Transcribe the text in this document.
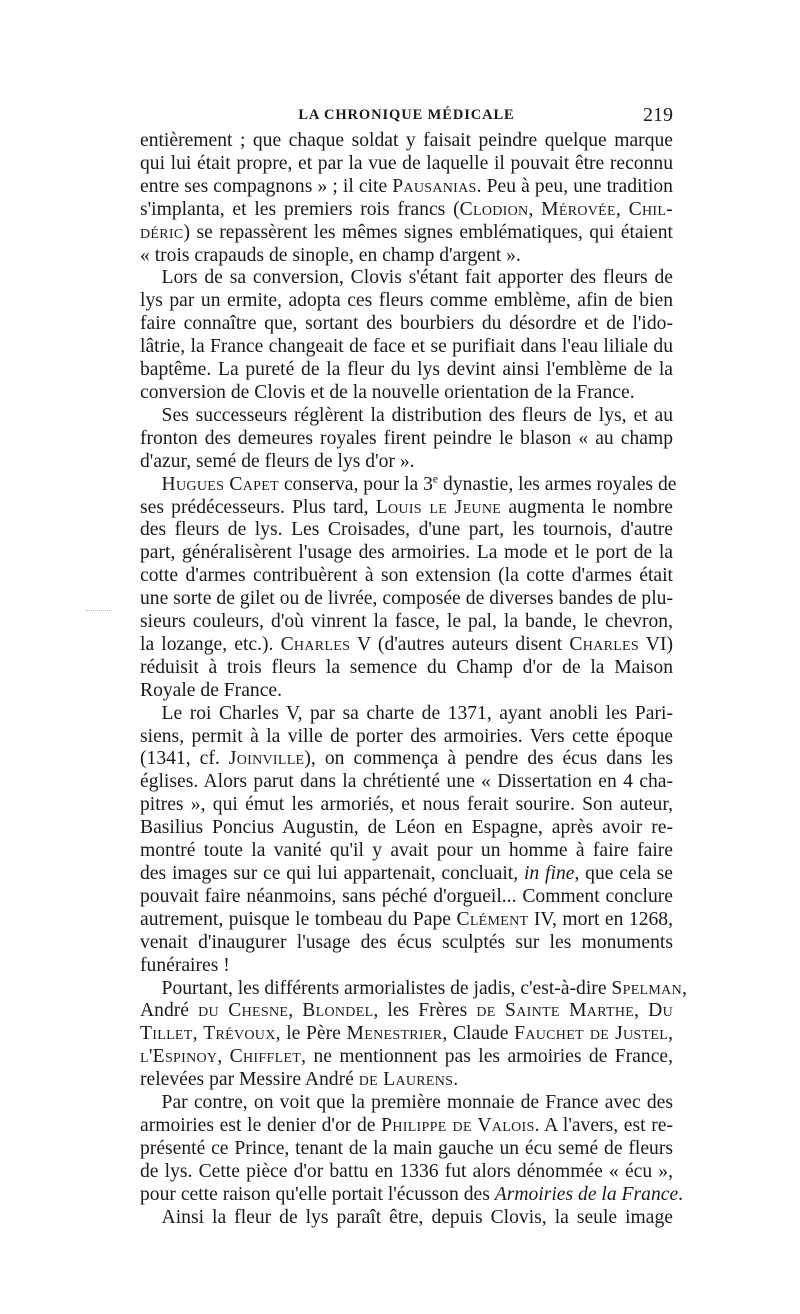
LA CHRONIQUE MÉDICALE	219
entièrement ; que chaque soldat y faisait peindre quelque marque
qui lui était propre, et par la vue de laquelle il pouvait être reconnu
entre ses compagnons » ; il cite Pausanias. Peu à peu, une tradition
s'implanta, et les premiers rois francs (Clodion, Mérovée, Chil-
déric) se repassèrent les mêmes signes emblématiques, qui étaient
« trois crapauds de sinople, en champ d'argent ».
Lors de sa conversion, Clovis s'étant fait apporter des fleurs de
lys par un ermite, adopta ces fleurs comme emblème, afin de bien
faire connaître que, sortant des bourbiers du désordre et de l'ido-
lâtrie, la France changeait de face et se purifiait dans l'eau liliale du
baptême. La pureté de la fleur du lys devint ainsi l'emblème de la
conversion de Clovis et de la nouvelle orientation de la France.
Ses successeurs réglèrent la distribution des fleurs de lys, et au
fronton des demeures royales firent peindre le blason « au champ
d'azur, semé de fleurs de lys d'or ».
Hugues Capet conserva, pour la 3e dynastie, les armes royales de
ses prédécesseurs. Plus tard, Louis le Jeune augmenta le nombre
des fleurs de lys. Les Croisades, d'une part, les tournois, d'autre
part, généralisèrent l'usage des armoiries. La mode et le port de la
cotte d'armes contribuèrent à son extension (la cotte d'armes était
une sorte de gilet ou de livrée, composée de diverses bandes de plu-
sieurs couleurs, d'où vinrent la fasce, le pal, la bande, le chevron,
la lozange, etc.). Charles V (d'autres auteurs disent Charles VI)
réduisit à trois fleurs la semence du Champ d'or de la Maison
Royale de France.
Le roi Charles V, par sa charte de 1371, ayant anobli les Pari-
siens, permit à la ville de porter des armoiries. Vers cette époque
(1341, cf. Joinville), on commença à pendre des écus dans les
églises. Alors parut dans la chrétienté une « Dissertation en 4 cha-
pitres », qui émut les armoriés, et nous ferait sourire. Son auteur,
Basilius Poncius Augustin, de Léon en Espagne, après avoir re-
montré toute la vanité qu'il y avait pour un homme à faire faire
des images sur ce qui lui appartenait, concluait, in fine, que cela se
pouvait faire néanmoins, sans péché d'orgueil... Comment conclure
autrement, puisque le tombeau du Pape Clément IV, mort en 1268,
venait d'inaugurer l'usage des écus sculptés sur les monuments
funéraires !
Pourtant, les différents armorialistes de jadis, c'est-à-dire Spelman,
André du Chesne, Blondel, les Frères de Sainte Marthe, Du
Tillet, Trévoux, le Père Menestrier, Claude Fauchet de Justel,
l'Espinoy, Chifflet, ne mentionnent pas les armoiries de France,
relevées par Messire André de Laurens.
Par contre, on voit que la première monnaie de France avec des
armoiries est le denier d'or de Philippe de Valois. A l'avers, est re-
présenté ce Prince, tenant de la main gauche un écu semé de fleurs
de lys. Cette pièce d'or battu en 1336 fut alors dénommée « écu »,
pour cette raison qu'elle portait l'écusson des Armoiries de la France.
Ainsi la fleur de lys paraît être, depuis Clovis, la seule image
